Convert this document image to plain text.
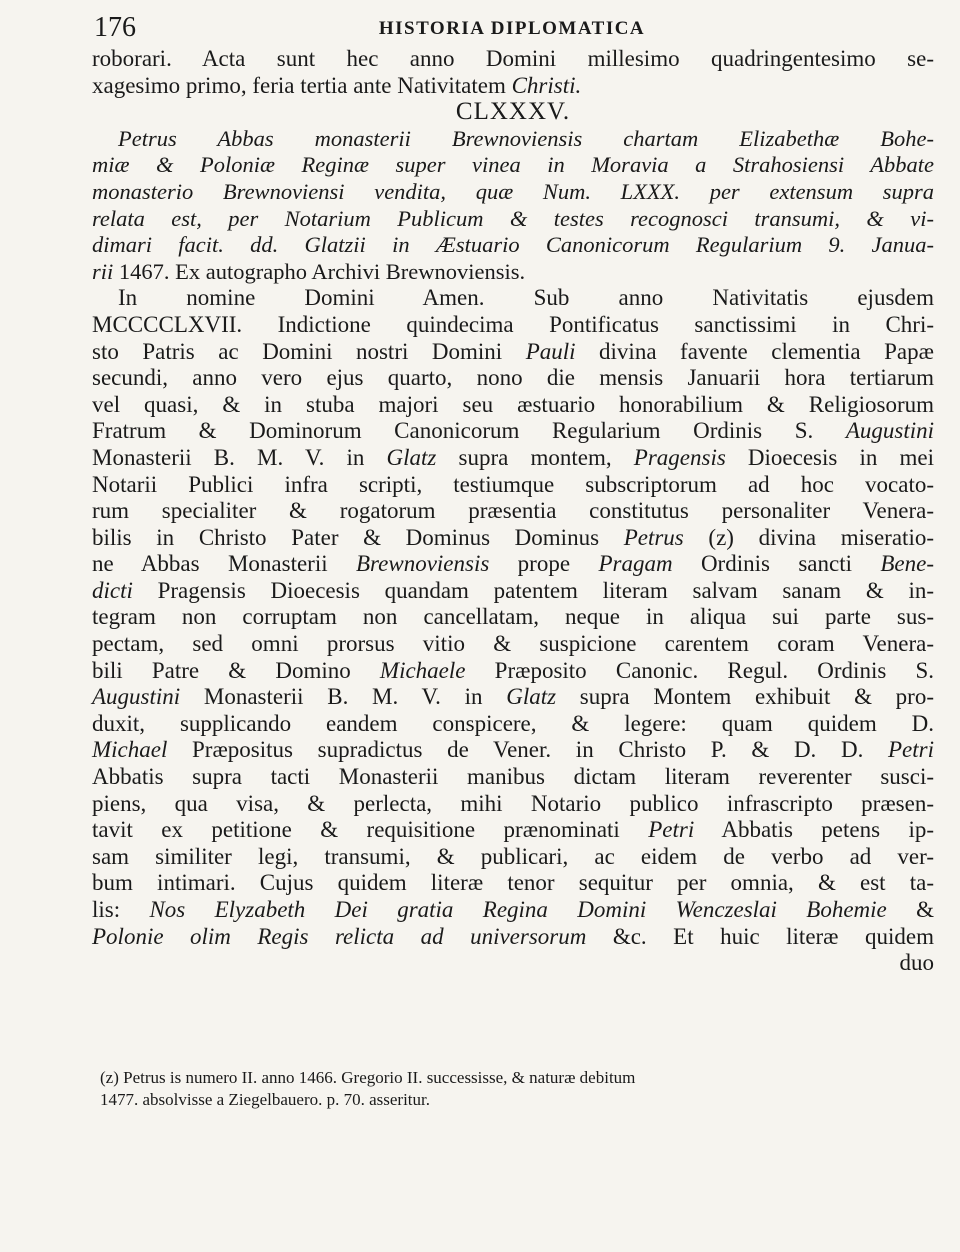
176	HISTORIA DIPLOMATICA
roborari. Acta sunt hec anno Domini millesimo quadringentesimo se-
xagesimo primo, feria tertia ante Nativitatem Christi.
CLXXXV.
Petrus Abbas monasterii Brewnoviensis chartam Elizabethæ Bohe-
miæ & Poloniæ Reginæ super vinea in Moravia a Strahosiensi Abbate
monasterio Brewnoviensi vendita, quæ Num. LXXX. per extensum supra
relata est, per Notarium Publicum & testes recognosci transumi, & vi-
dimari facit. dd. Glatzii in Æstuario Canonicorum Regularium 9. Janua-
rii 1467. Ex autographo Archivi Brewnoviensis.
In nomine Domini Amen. Sub anno Nativitatis ejusdem
MCCCCLXVII. Indictione quindecima Pontificatus sanctissimi in Chri-
sto Patris ac Domini nostri Domini Pauli divina favente clementia Papæ
secundi, anno vero ejus quarto, nono die mensis Januarii hora tertiarum
vel quasi, & in stuba majori seu æstuario honorabilium & Religiosorum
Fratrum & Dominorum Canonicorum Regularium Ordinis S. Augustini
Monasterii B. M. V. in Glatz supra montem, Pragensis Dioecesis in mei
Notarii Publici infra scripti, testiumque subscriptorum ad hoc vocato-
rum specialiter & rogatorum præsentia constitutus personaliter Venera-
bilis in Christo Pater & Dominus Dominus Petrus (z) divina miseratio-
ne Abbas Monasterii Brewnoviensis prope Pragam Ordinis sancti Bene-
dicti Pragensis Dioecesis quandam patentem literam salvam sanam & in-
tegram non corruptam non cancellatam, neque in aliqua sui parte sus-
pectam, sed omni prorsus vitio & suspicione carentem coram Venera-
bili Patre & Domino Michaele Præposito Canonic. Regul. Ordinis S.
Augustini Monasterii B. M. V. in Glatz supra Montem exhibuit & pro-
duxit, supplicando eandem conspicere, & legere: quam quidem D.
Michael Præpositus supradictus de Vener. in Christo P. & D. D. Petri
Abbatis supra tacti Monasterii manibus dictam literam reverenter susci-
piens, qua visa, & perlecta, mihi Notario publico infrascripto præsen-
tavit ex petitione & requisitione prænominati Petri Abbatis petens ip-
sam similiter legi, transumi, & publicari, ac eidem de verbo ad ver-
bum intimari. Cujus quidem literæ tenor sequitur per omnia, & est ta-
lis: Nos Elyzabeth Dei gratia Regina Domini Wenczeslai Bohemie &
Polonie olim Regis relicta ad universorum &c. Et huic literæ quidem
duo
(z) Petrus is numero II. anno 1466. Gregorio II. successisse, & naturæ debitum
1477. absolvisse a Ziegelbauero. p. 70. asseritur.
